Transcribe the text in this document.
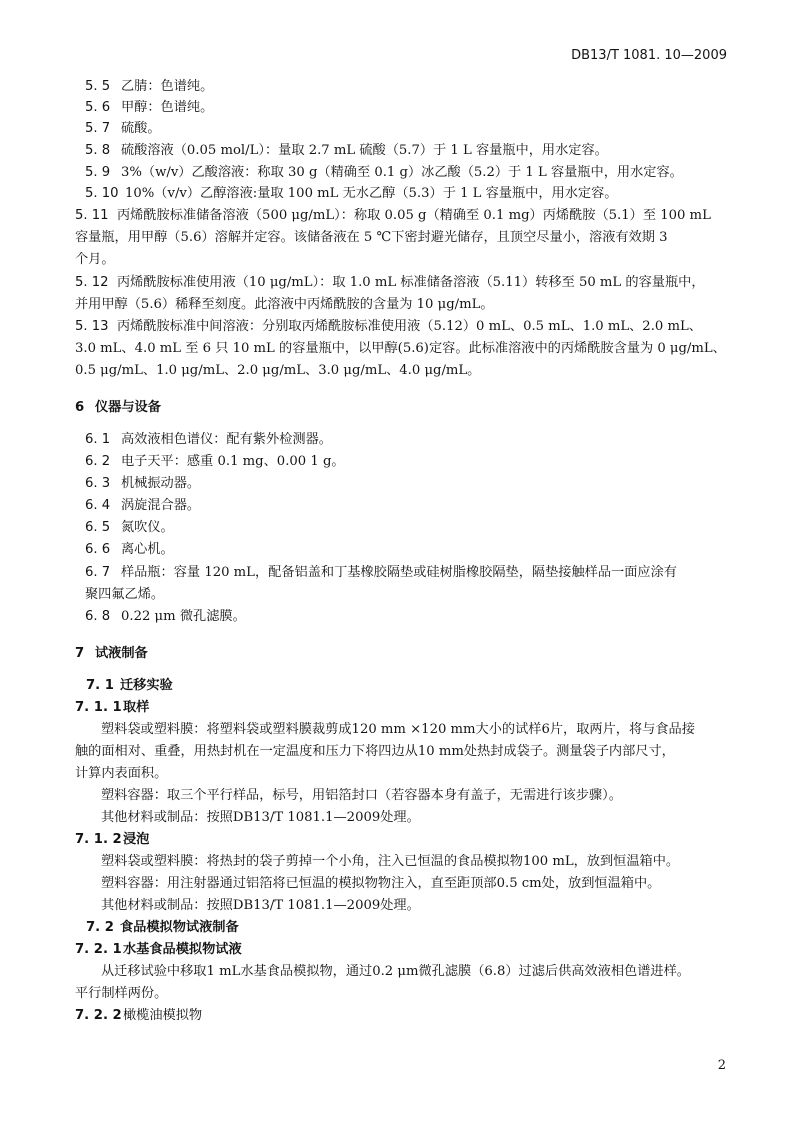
DB13/T 1081. 10—2009
5. 5 乙腈：色谱纯。
5. 6 甲醇：色谱纯。
5. 7 硫酸。
5. 8 硫酸溶液（0.05 mol/L）：量取 2.7 mL 硫酸（5.7）于 1 L 容量瓶中，用水定容。
5. 9 3%（w/v）乙酸溶液：称取 30 g（精确至 0.1 g）冰乙酸（5.2）于 1 L 容量瓶中，用水定容。
5. 10 10%（v/v）乙醇溶液:量取 100 mL 无水乙醇（5.3）于 1 L 容量瓶中，用水定容。
5. 11 丙烯酰胺标准储备溶液（500 μg/mL）：称取 0.05 g（精确至 0.1 mg）丙烯酰胺（5.1）至 100 mL
容量瓶，用甲醇（5.6）溶解并定容。该储备液在 5 ℃下密封避光储存，且顶空尽量小，溶液有效期 3
个月。
5. 12 丙烯酰胺标准使用液（10 μg/mL）：取 1.0 mL 标准储备溶液（5.11）转移至 50 mL 的容量瓶中，
并用甲醇（5.6）稀释至刻度。此溶液中丙烯酰胺的含量为 10 μg/mL。
5. 13 丙烯酰胺标准中间溶液：分别取丙烯酰胺标准使用液（5.12）0 mL、0.5 mL、1.0 mL、2.0 mL、
3.0 mL、4.0 mL 至 6 只 10 mL 的容量瓶中，以甲醇(5.6)定容。此标准溶液中的丙烯酰胺含量为 0 μg/mL、
0.5 μg/mL、1.0 μg/mL、2.0 μg/mL、3.0 μg/mL、4.0 μg/mL。
6 仪器与设备
6. 1 高效液相色谱仪：配有紫外检测器。
6. 2 电子天平：感重 0.1 mg、0.00 1 g。
6. 3 机械振动器。
6. 4 涡旋混合器。
6. 5 氮吹仪。
6. 6 离心机。
6. 7 样品瓶：容量 120 mL，配备铝盖和丁基橡胶隔垫或硅树脂橡胶隔垫，隔垫接触样品一面应涂有
聚四氟乙烯。
6. 8 0.22 μm 微孔滤膜。
7 试液制备
7. 1 迁移实验
7. 1. 1取样
塑料袋或塑料膜：将塑料袋或塑料膜裁剪成120 mm ×120 mm大小的试样6片，取两片，将与食品接
触的面相对、重叠，用热封机在一定温度和压力下将四边从10 mm处热封成袋子。测量袋子内部尺寸，
计算内表面积。
塑料容器：取三个平行样品，标号，用铝箔封口（若容器本身有盖子，无需进行该步骤）。
其他材料或制品：按照DB13/T 1081.1—2009处理。
7. 1. 2浸泡
塑料袋或塑料膜：将热封的袋子剪掉一个小角，注入已恒温的食品模拟物100 mL，放到恒温箱中。
塑料容器：用注射器通过铝箔将已恒温的模拟物物注入，直至距顶部0.5 cm处，放到恒温箱中。
其他材料或制品：按照DB13/T 1081.1—2009处理。
7. 2 食品模拟物试液制备
7. 2. 1水基食品模拟物试液
从迁移试验中移取1 mL水基食品模拟物，通过0.2 μm微孔滤膜（6.8）过滤后供高效液相色谱进样。
平行制样两份。
7. 2. 2橄榄油模拟物
2
